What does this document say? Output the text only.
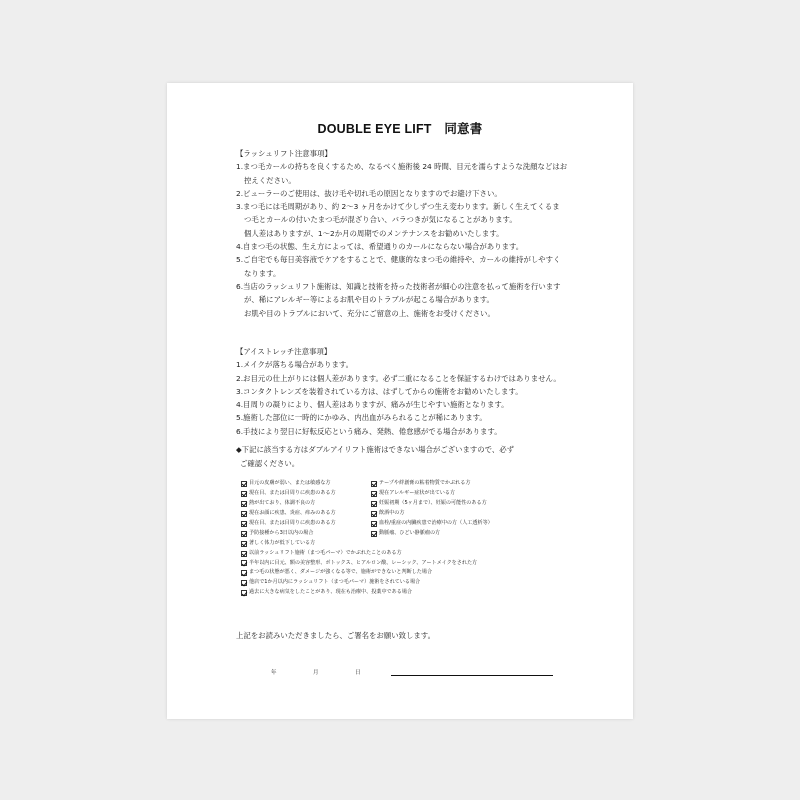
DOUBLE EYE LIFT　同意書

【ラッシュリフト注意事項】

1.まつ毛カールの持ちを良くするため、なるべく施術後 24 時間、目元を濡らすような洗顔などはお

控えください。

2.ビューラーのご使用は、抜け毛や切れ毛の原因となりますのでお避け下さい。

3.まつ毛には毛周期があり、約 2～3 ヶ月をかけて少しずつ生え変わります。新しく生えてくるま

つ毛とカールの付いたまつ毛が混ざり合い、バラつきが気になることがあります。

個人差はありますが、1～2か月の周期でのメンテナンスをお勧めいたします。

4.自まつ毛の状態、生え方によっては、希望通りのカールにならない場合があります。

5.ご自宅でも毎日美容液でケアをすることで、健康的なまつ毛の維持や、カールの維持がしやすく

なります。

6.当店のラッシュリフト施術は、知識と技術を持った技術者が細心の注意を払って施術を行います

が、稀にアレルギー等によるお肌や目のトラブルが起こる場合があります。

お肌や目のトラブルにおいて、充分にご留意の上、施術をお受けください。

【アイストレッチ注意事項】

1.メイクが落ちる場合があります。

2.お目元の仕上がりには個人差があります。必ず二重になることを保証するわけではありません。

3.コンタクトレンズを装着されている方は、はずしてからの施術をお勧めいたします。

4.目周りの凝りにより、個人差はありますが、痛みが生じやすい施術となります。

5.施術した部位に一時的にかゆみ、内出血がみられることが稀にあります。

6.手技により翌日に好転反応という痛み、発熱、倦怠感がでる場合があります。

◆下記に該当する方はダブルアイリフト施術はできない場合がございますので、必ず

ご確認ください。

目元の皮膚が弱い、または敏感な方
現在目、または目周りに疾患のある方
熱が出ており、体調不良の方
現在お顔に疾患、炎症、痒みのある方
現在目、または目周りに疾患のある方
予防接種から3日以内の場合
著しく体力が低下している方
以前ラッシュリフト施術（まつ毛パーマ）でかぶれたことのある方
半年以内に目元、額の美容整形、ボトックス、ヒアルロン酸、レーシック、アートメイクをされた方
まつ毛の状態が悪く、ダメージが強くなる等で、施術ができないと判断した場合
他店で1か月以内にラッシュリフト（まつ毛パーマ）施術をされている場合
過去に大きな病気をしたことがあり、現在も治療中、投薬中である場合
テープや絆創膏の粘着物質でかぶれる方
現在アレルギー症状が出ている方
妊娠初期（5ヶ月まで）、妊娠の可能性のある方
飲酒中の方
血栓/重症の内臓疾患で治療中の方（人工透析等）
動脈瘤、ひどい静脈瘤の方
上記をお読みいただきましたら、ご署名をお願い致します。
年	月	日
